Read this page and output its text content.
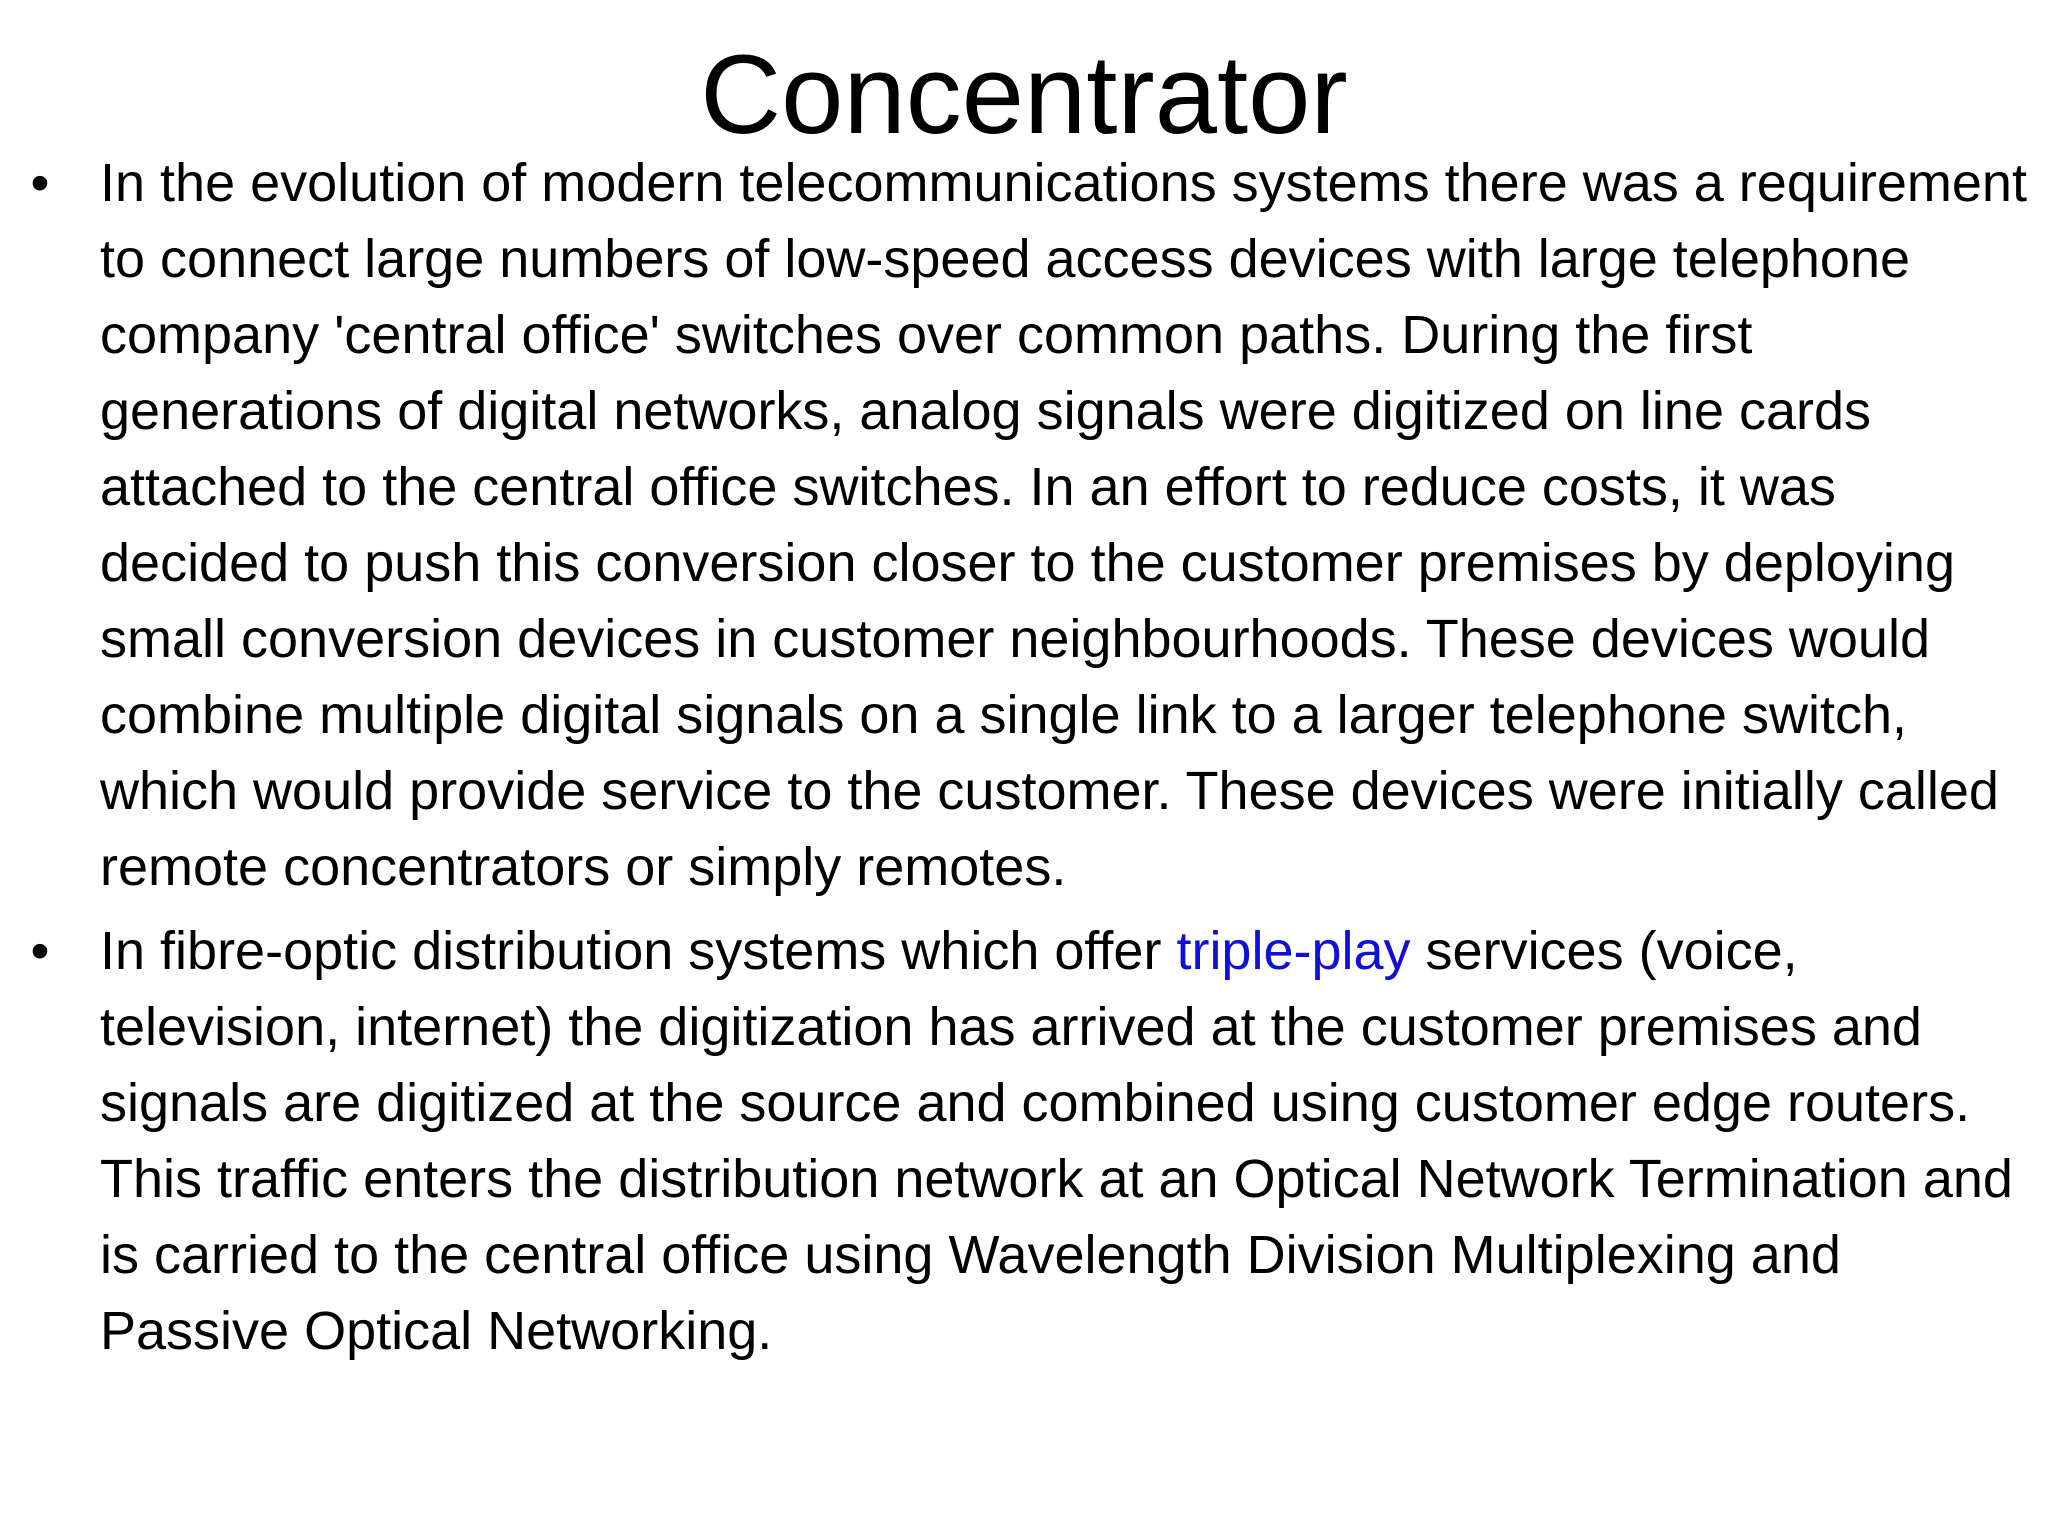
Concentrator
• In the evolution of modern telecommunications systems there was a requirement to connect large numbers of low-speed access devices with large telephone company 'central office' switches over common paths. During the first generations of digital networks, analog signals were digitized on line cards attached to the central office switches. In an effort to reduce costs, it was decided to push this conversion closer to the customer premises by deploying small conversion devices in customer neighbourhoods. These devices would combine multiple digital signals on a single link to a larger telephone switch, which would provide service to the customer. These devices were initially called remote concentrators or simply remotes.
• In fibre-optic distribution systems which offer triple-play services (voice, television, internet) the digitization has arrived at the customer premises and signals are digitized at the source and combined using customer edge routers. This traffic enters the distribution network at an Optical Network Termination and is carried to the central office using Wavelength Division Multiplexing and Passive Optical Networking.
